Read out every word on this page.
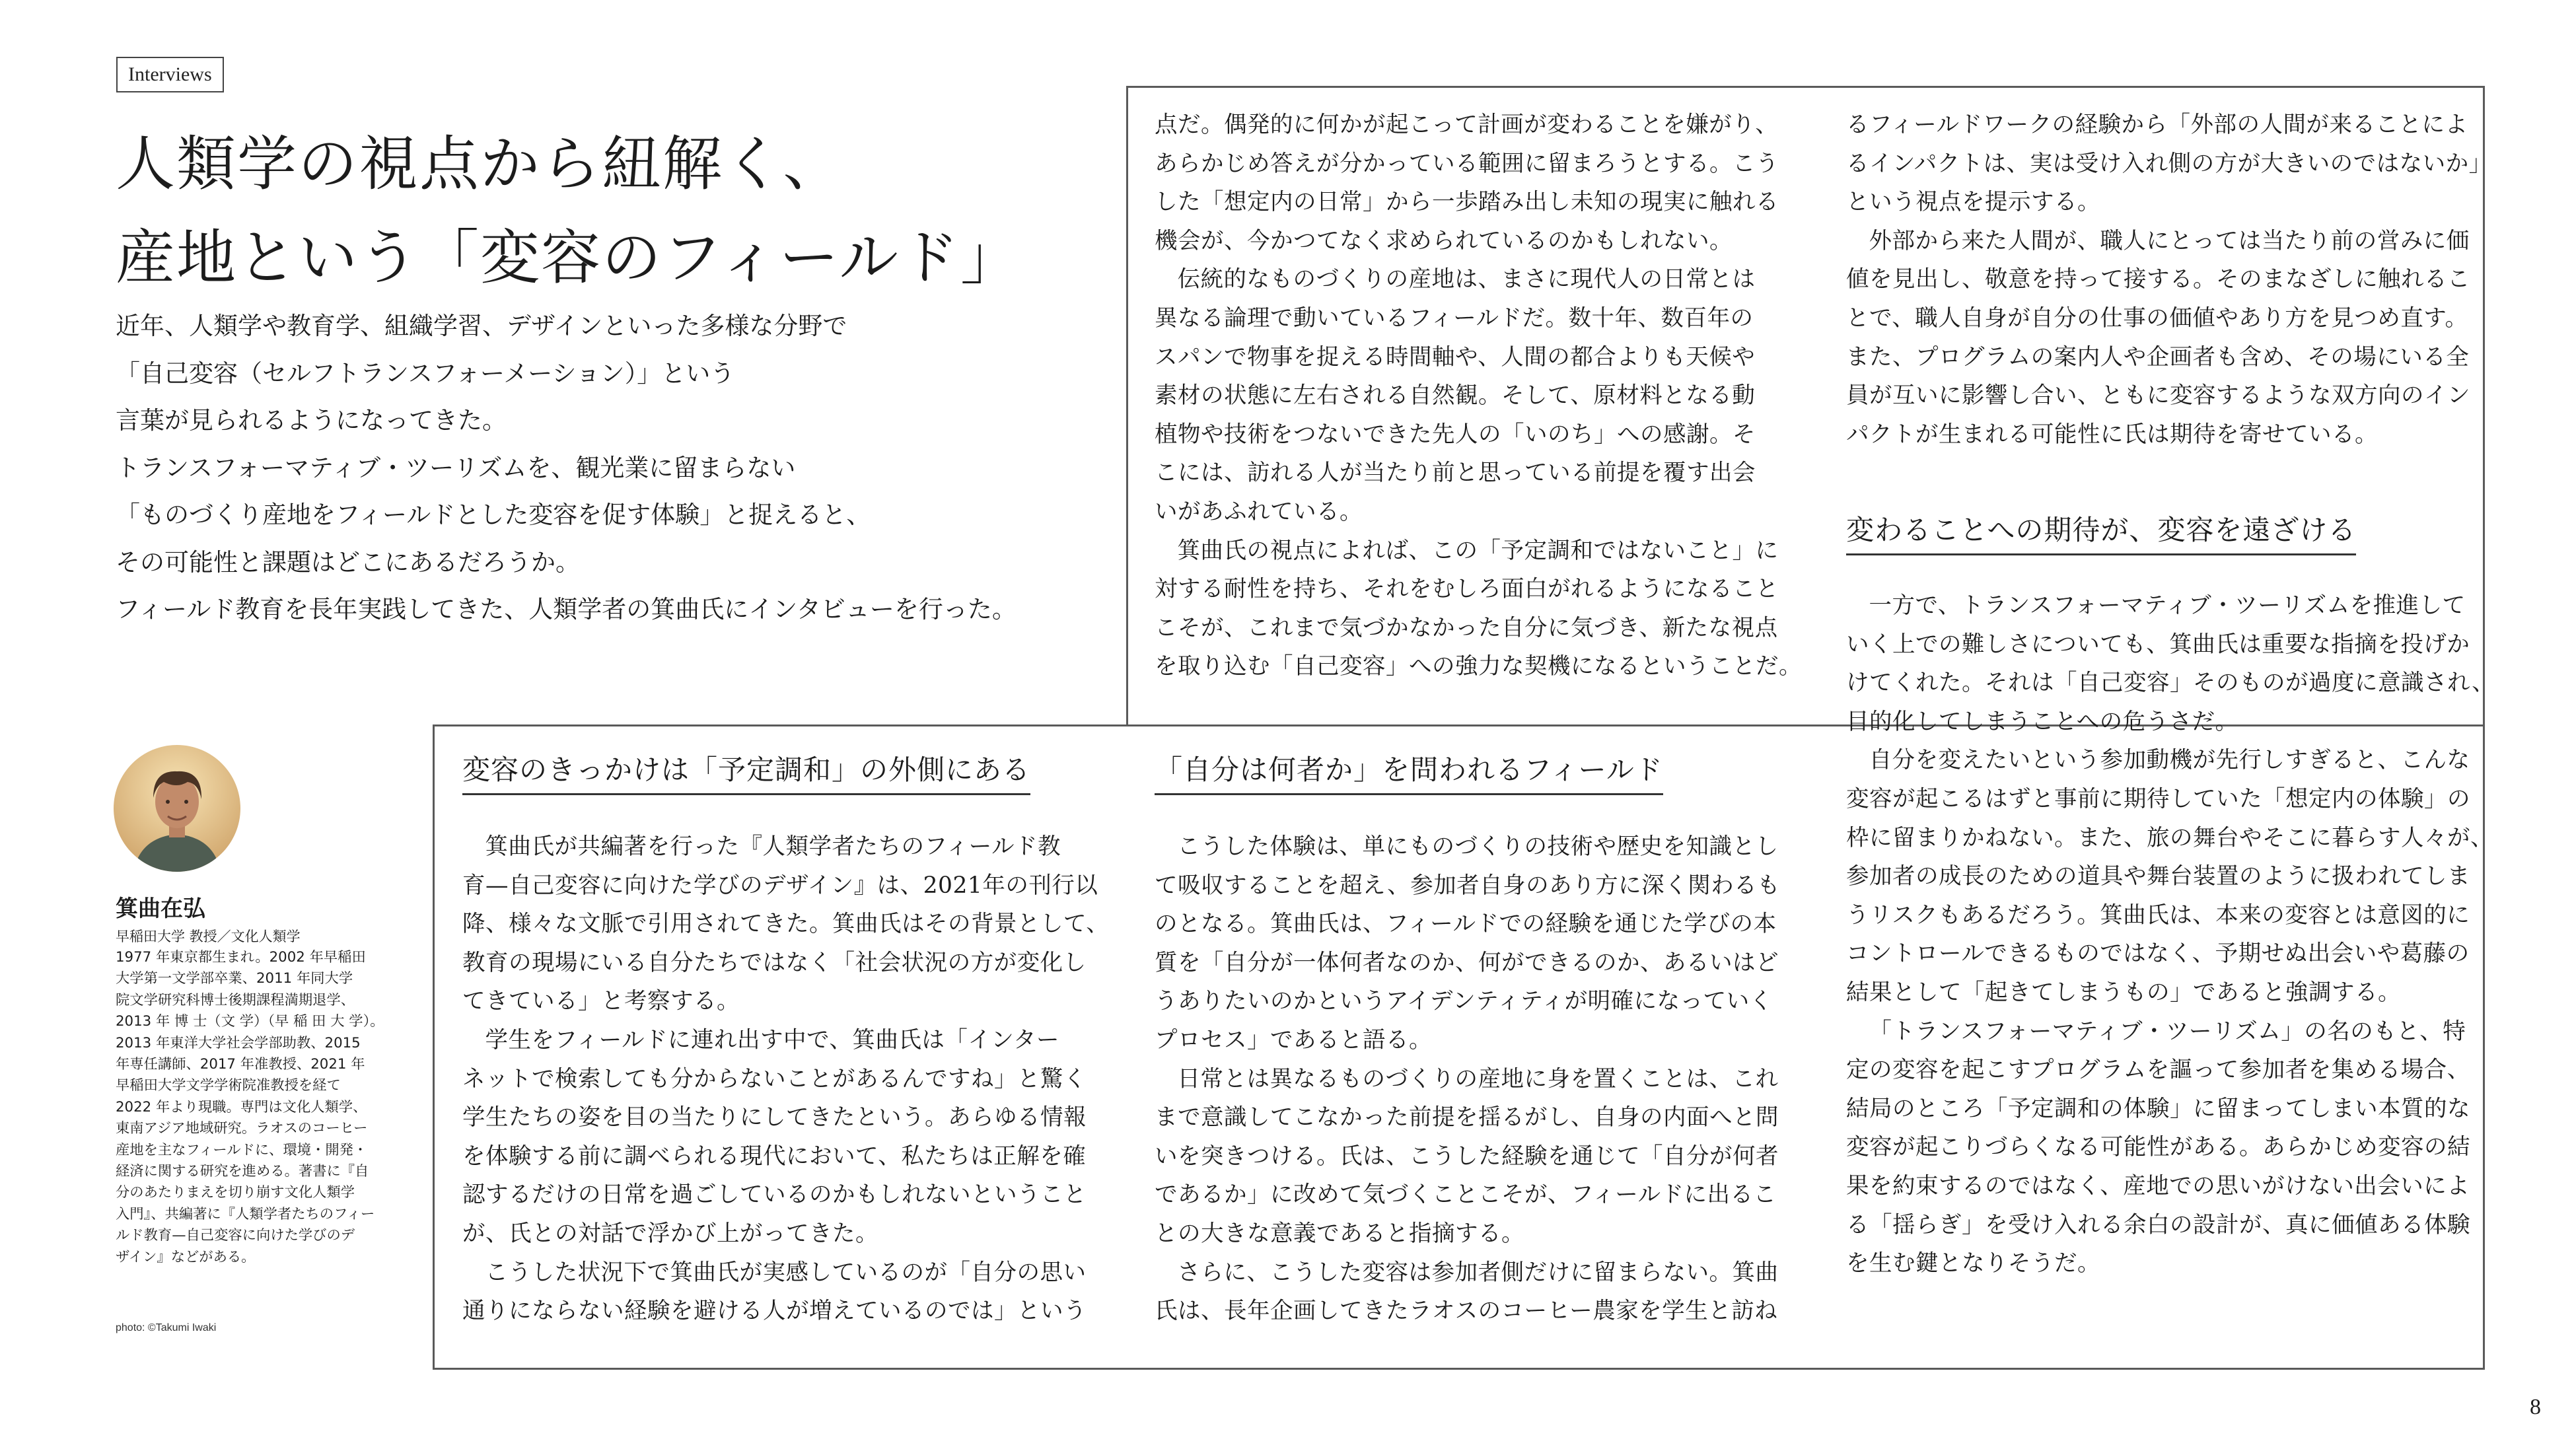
Interviews
人類学の視点から紐解く、
産地という「変容のフィールド」
近年、人類学や教育学、組織学習、デザインといった多様な分野で
「自己変容（セルフトランスフォーメーション）」という
言葉が見られるようになってきた。
トランスフォーマティブ・ツーリズムを、観光業に留まらない
「ものづくり産地をフィールドとした変容を促す体験」と捉えると、
その可能性と課題はどこにあるだろうか。
フィールド教育を長年実践してきた、人類学者の箕曲氏にインタビューを行った。
箕曲在弘
早稲田大学 教授／文化人類学
1977 年東京都生まれ。2002 年早稲田
大学第一文学部卒業、2011 年同大学
院文学研究科博士後期課程満期退学、
2013 年 博 士（文 学）（早 稲 田 大 学）。
2013 年東洋大学社会学部助教、2015
年専任講師、2017 年准教授、2021 年
早稲田大学文学学術院准教授を経て
2022 年より現職。専門は文化人類学、
東南アジア地域研究。ラオスのコーヒー
産地を主なフィールドに、環境・開発・
経済に関する研究を進める。著書に『自
分のあたりまえを切り崩す文化人類学
入門』、共編著に『人類学者たちのフィー
ルド教育—自己変容に向けた学びのデ
ザイン』などがある。
photo: ©Takumi Iwaki
変容のきっかけは「予定調和」の外側にある

箕曲氏が共編著を行った『人類学者たちのフィールド教
育—自己変容に向けた学びのデザイン』は、2021年の刊行以
降、様々な文脈で引用されてきた。箕曲氏はその背景として、
教育の現場にいる自分たちではなく「社会状況の方が変化し
てきている」と考察する。

学生をフィールドに連れ出す中で、箕曲氏は「インター
ネットで検索しても分からないことがあるんですね」と驚く
学生たちの姿を目の当たりにしてきたという。あらゆる情報
を体験する前に調べられる現代において、私たちは正解を確
認するだけの日常を過ごしているのかもしれないということ
が、氏との対話で浮かび上がってきた。

こうした状況下で箕曲氏が実感しているのが「自分の思い
通りにならない経験を避ける人が増えているのでは」という

点だ。偶発的に何かが起こって計画が変わることを嫌がり、
あらかじめ答えが分かっている範囲に留まろうとする。こう
した「想定内の日常」から一歩踏み出し未知の現実に触れる
機会が、今かつてなく求められているのかもしれない。

伝統的なものづくりの産地は、まさに現代人の日常とは
異なる論理で動いているフィールドだ。数十年、数百年の
スパンで物事を捉える時間軸や、人間の都合よりも天候や
素材の状態に左右される自然観。そして、原材料となる動
植物や技術をつないできた先人の「いのち」への感謝。そ
こには、訪れる人が当たり前と思っている前提を覆す出会
いがあふれている。

箕曲氏の視点によれば、この「予定調和ではないこと」に
対する耐性を持ち、それをむしろ面白がれるようになること
こそが、これまで気づかなかった自分に気づき、新たな視点
を取り込む「自己変容」への強力な契機になるということだ。

「自分は何者か」を問われるフィールド

こうした体験は、単にものづくりの技術や歴史を知識とし
て吸収することを超え、参加者自身のあり方に深く関わるも
のとなる。箕曲氏は、フィールドでの経験を通じた学びの本
質を「自分が一体何者なのか、何ができるのか、あるいはど
うありたいのかというアイデンティティが明確になっていく
プロセス」であると語る。

日常とは異なるものづくりの産地に身を置くことは、これ
まで意識してこなかった前提を揺るがし、自身の内面へと問
いを突きつける。氏は、こうした経験を通じて「自分が何者
であるか」に改めて気づくことこそが、フィールドに出るこ
との大きな意義であると指摘する。

さらに、こうした変容は参加者側だけに留まらない。箕曲
氏は、長年企画してきたラオスのコーヒー農家を学生と訪ね

るフィールドワークの経験から「外部の人間が来ることによ
るインパクトは、実は受け入れ側の方が大きいのではないか」
という視点を提示する。

外部から来た人間が、職人にとっては当たり前の営みに価
値を見出し、敬意を持って接する。そのまなざしに触れるこ
とで、職人自身が自分の仕事の価値やあり方を見つめ直す。
また、プログラムの案内人や企画者も含め、その場にいる全
員が互いに影響し合い、ともに変容するような双方向のイン
パクトが生まれる可能性に氏は期待を寄せている。

変わることへの期待が、変容を遠ざける

一方で、トランスフォーマティブ・ツーリズムを推進して
いく上での難しさについても、箕曲氏は重要な指摘を投げか
けてくれた。それは「自己変容」そのものが過度に意識され、
目的化してしまうことへの危うさだ。

自分を変えたいという参加動機が先行しすぎると、こんな
変容が起こるはずと事前に期待していた「想定内の体験」の
枠に留まりかねない。また、旅の舞台やそこに暮らす人々が、
参加者の成長のための道具や舞台装置のように扱われてしま
うリスクもあるだろう。箕曲氏は、本来の変容とは意図的に
コントロールできるものではなく、予期せぬ出会いや葛藤の
結果として「起きてしまうもの」であると強調する。

「トランスフォーマティブ・ツーリズム」の名のもと、特
定の変容を起こすプログラムを謳って参加者を集める場合、
結局のところ「予定調和の体験」に留まってしまい本質的な
変容が起こりづらくなる可能性がある。あらかじめ変容の結
果を約束するのではなく、産地での思いがけない出会いによ
る「揺らぎ」を受け入れる余白の設計が、真に価値ある体験
を生む鍵となりそうだ。

8
